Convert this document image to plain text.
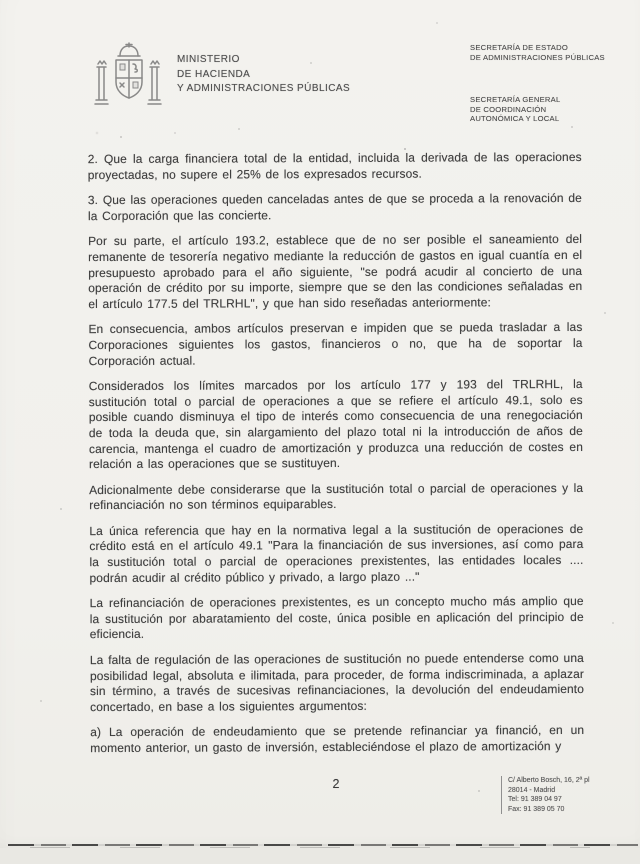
MINISTERIO
DE HACIENDA
Y ADMINISTRACIONES PÚBLICAS
SECRETARÍA DE ESTADO
DE ADMINISTRACIONES PÚBLICAS
SECRETARÍA GENERAL
DE COORDINACIÓN
AUTONÓMICA Y LOCAL

2. Que la carga financiera total de la entidad, incluida la derivada de las operaciones proyectadas, no supere el 25% de los expresados recursos.

3. Que las operaciones queden canceladas antes de que se proceda a la renovación de la Corporación que las concierte.

Por su parte, el artículo 193.2, establece que de no ser posible el saneamiento del remanente de tesorería negativo mediante la reducción de gastos en igual cuantía en el presupuesto aprobado para el año siguiente, "se podrá acudir al concierto de una operación de crédito por su importe, siempre que se den las condiciones señaladas en el artículo 177.5 del TRLRHL", y que han sido reseñadas anteriormente:

En consecuencia, ambos artículos preservan e impiden que se pueda trasladar a las Corporaciones siguientes los gastos, financieros o no, que ha de soportar la Corporación actual.

Considerados los límites marcados por los artículo 177 y 193 del TRLRHL, la sustitución total o parcial de operaciones a que se refiere el artículo 49.1, solo es posible cuando disminuya el tipo de interés como consecuencia de una renegociación de toda la deuda que, sin alargamiento del plazo total ni la introducción de años de carencia, mantenga el cuadro de amortización y produzca una reducción de costes en relación a las operaciones que se sustituyen.

Adicionalmente debe considerarse que la sustitución total o parcial de operaciones y la refinanciación no son términos equiparables.

La única referencia que hay en la normativa legal a la sustitución de operaciones de crédito está en el artículo 49.1 "Para la financiación de sus inversiones, así como para la sustitución total o parcial de operaciones prexistentes, las entidades locales .... podrán acudir al crédito público y privado, a largo plazo ..."

La refinanciación de operaciones prexistentes, es un concepto mucho más amplio que la sustitución por abaratamiento del coste, única posible en aplicación del principio de eficiencia.

La falta de regulación de las operaciones de sustitución no puede entenderse como una posibilidad legal, absoluta e ilimitada, para proceder, de forma indiscriminada, a aplazar sin término, a través de sucesivas refinanciaciones, la devolución del endeudamiento concertado, en base a los siguientes argumentos:

a) La operación de endeudamiento que se pretende refinanciar ya financió, en un momento anterior, un gasto de inversión, estableciéndose el plazo de amortización y

2	C/ Alberto Bosch, 16, 2ª pl
28014 - Madrid
Tel: 91 389 04 97
Fax: 91 389 05 70
